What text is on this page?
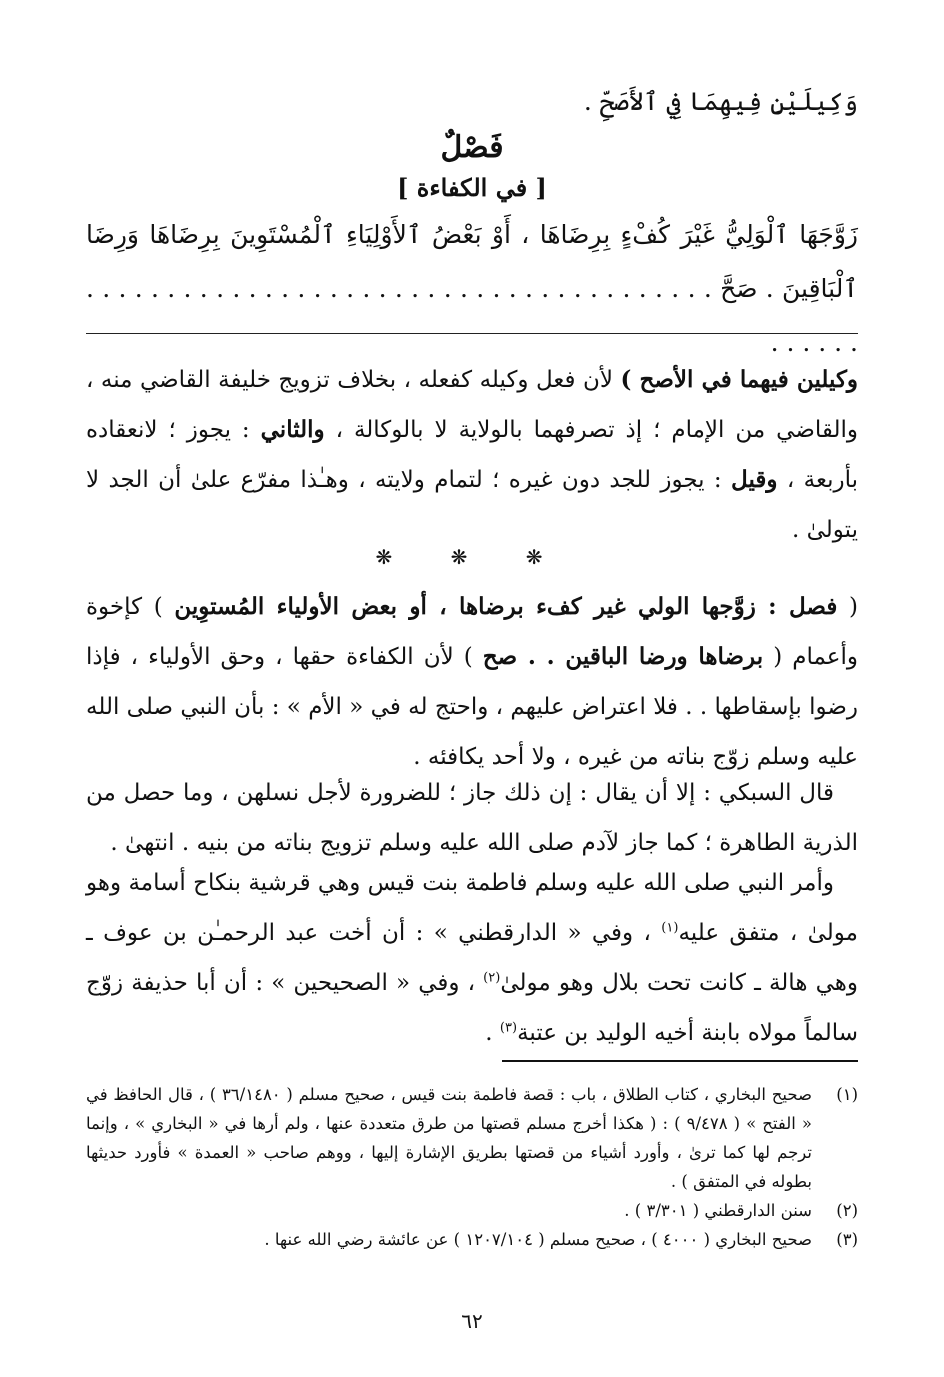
وَكِيلَيْنِ فِيهِمَا فِي ٱلأَصَحِّ .
فَصْلٌ
[ في الكفاءة ]
زَوَّجَهَا ٱلْوَلِيُّ غَيْرَ كُفْءٍ بِرِضَاهَا ، أَوْ بَعْضُ ٱلأَوْلِيَاءِ ٱلْمُسْتَوِينَ بِرِضَاهَا وَرِضَا ٱلْبَاقِينَ . صَحَّ . . . . . . . . . . . . . . . . . . . . . . . . . . . . . . . . . . . . . . . . . . . . .
وكيلين فيهما في الأصح ) لأن فعل وكيله كفعله ، بخلاف تزويج خليفة القاضي منه ، والقاضي من الإمام ؛ إذ تصرفهما بالولاية لا بالوكالة ، والثاني : يجوز ؛ لانعقاده بأربعة ، وقيل : يجوز للجد دون غيره ؛ لتمام ولايته ، وهـٰذا مفرّع علىٰ أن الجد لا يتولىٰ .
❋ ❋ ❋
( فصل : زوَّجها الولي غير كفء برضاها ، أو بعض الأولياء المُستوِين ) كإخوة وأعمام ( برضاها ورضا الباقين . . صح ) لأن الكفاءة حقها ، وحق الأولياء ، فإذا رضوا بإسقاطها . . فلا اعتراض عليهم ، واحتج له في « الأم » : بأن النبي صلى الله عليه وسلم زوّج بناته من غيره ، ولا أحد يكافئه .
قال السبكي : إلا أن يقال : إن ذلك جاز ؛ للضرورة لأجل نسلهن ، وما حصل من الذرية الطاهرة ؛ كما جاز لآدم صلى الله عليه وسلم تزويج بناته من بنيه . انتهىٰ .
وأمر النبي صلى الله عليه وسلم فاطمة بنت قيس وهي قرشية بنكاح أسامة وهو مولىٰ ، متفق عليه$^{(١)}$ ، وفي « الدارقطني » : أن أخت عبد الرحمـٰن بن عوف ـ وهي هالة ـ كانت تحت بلال وهو مولىٰ$^{(٢)}$ ، وفي « الصحيحين » : أن أبا حذيفة زوّج سالماً مولاه بابنة أخيه الوليد بن عتبة$^{(٣)}$ .
(١)
صحيح البخاري ، كتاب الطلاق ، باب : قصة فاطمة بنت قيس ، صحيح مسلم ( ٣٦/١٤٨٠ ) ، قال الحافظ في « الفتح » ( ٩/٤٧٨ ) : ( هكذا أخرج مسلم قصتها من طرق متعددة عنها ، ولم أرها في « البخاري » ، وإنما ترجم لها كما ترىٰ ، وأورد أشياء من قصتها بطريق الإشارة إليها ، ووهم صاحب « العمدة » فأورد حديثها بطوله في المتفق ) .
(٢)
سنن الدارقطني ( ٣/٣٠١ ) .
(٣)
صحيح البخاري ( ٤٠٠٠ ) ، صحيح مسلم ( ١٢٠٧/١٠٤ ) عن عائشة رضي الله عنها .
٦٢
